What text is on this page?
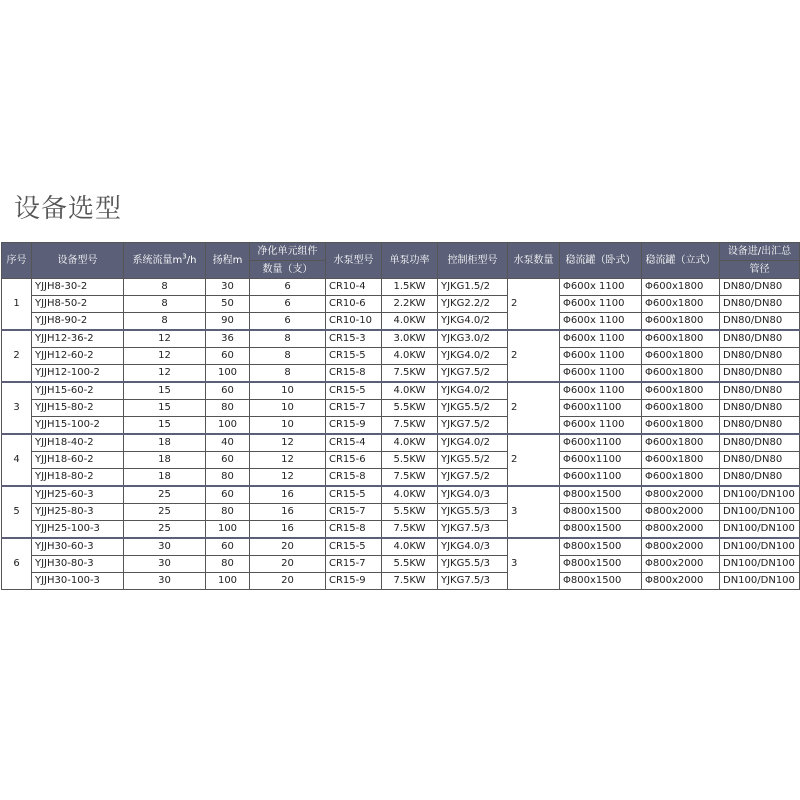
设备选型
序号	设备型号	系统流量$m^3/h$	扬程m	净化单元组件	水泵型号	单泵功率	控制柜型号	水泵数量	稳流罐（卧式）	稳流罐（立式）	设备进/出汇总
				数量（支）							管径
1	YJJH8-30-2	8	30	6	CR10-4	1.5KW	YJKG1.5/2	2	Φ600x 1100	Φ600x1800	DN80/DN80
	YJJH8-50-2	8	50	6	CR10-6	2.2KW	YJKG2.2/2		Φ600x 1100	Φ600x1800	DN80/DN80
	YJJH8-90-2	8	90	6	CR10-10	4.0KW	YJKG4.0/2		Φ600x 1100	Φ600x1800	DN80/DN80
2	YJJH12-36-2	12	36	8	CR15-3	3.0KW	YJKG3.0/2	2	Φ600x 1100	Φ600x1800	DN80/DN80
	YJJH12-60-2	12	60	8	CR15-5	4.0KW	YJKG4.0/2		Φ600x 1100	Φ600x1800	DN80/DN80
	YJJH12-100-2	12	100	8	CR15-8	7.5KW	YJKG7.5/2		Φ600x 1100	Φ600x1800	DN80/DN80
3	YJJH15-60-2	15	60	10	CR15-5	4.0KW	YJKG4.0/2	2	Φ600x 1100	Φ600x1800	DN80/DN80
	YJJH15-80-2	15	80	10	CR15-7	5.5KW	YJKG5.5/2		Φ600x1100	Φ600x1800	DN80/DN80
	YJJH15-100-2	15	100	10	CR15-9	7.5KW	YJKG7.5/2		Φ600x 1100	Φ600x1800	DN80/DN80
4	YJJH18-40-2	18	40	12	CR15-4	4.0KW	YJKG4.0/2	2	Φ600x1100	Φ600x1800	DN80/DN80
	YJJH18-60-2	18	60	12	CR15-6	5.5KW	YJKG5.5/2		Φ600x1100	Φ600x1800	DN80/DN80
	YJJH18-80-2	18	80	12	CR15-8	7.5KW	YJKG7.5/2		Φ600x1100	Φ600x1800	DN80/DN80
5	YJJH25-60-3	25	60	16	CR15-5	4.0KW	YJKG4.0/3	3	Φ800x1500	Φ800x2000	DN100/DN100
	YJJH25-80-3	25	80	16	CR15-7	5.5KW	YJKG5.5/3		Φ800x1500	Φ800x2000	DN100/DN100
	YJJH25-100-3	25	100	16	CR15-8	7.5KW	YJKG7.5/3		Φ800x1500	Φ800x2000	DN100/DN100
6	YJJH30-60-3	30	60	20	CR15-5	4.0KW	YJKG4.0/3	3	Φ800x1500	Φ800x2000	DN100/DN100
	YJJH30-80-3	30	80	20	CR15-7	5.5KW	YJKG5.5/3		Φ800x1500	Φ800x2000	DN100/DN100
	YJJH30-100-3	30	100	20	CR15-9	7.5KW	YJKG7.5/3		Φ800x1500	Φ800x2000	DN100/DN100
